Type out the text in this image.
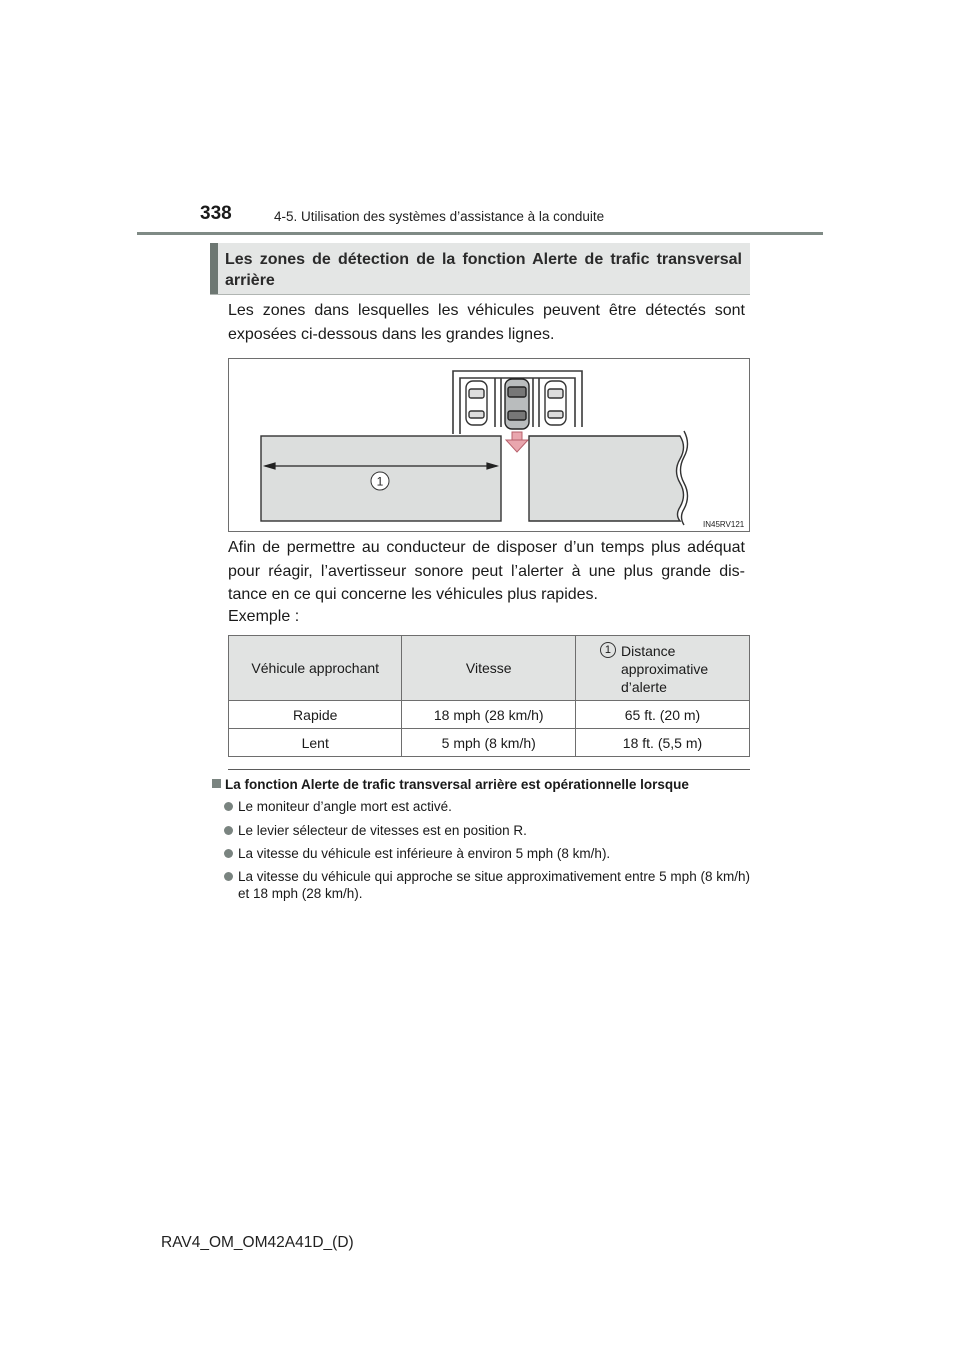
338	4-5. Utilisation des systèmes d’assistance à la conduite
Les zones de détection de la fonction Alerte de trafic transversal arrière
Les zones dans lesquelles les véhicules peuvent être détectés sont exposées ci-dessous dans les grandes lignes.
1
IN45RV121
Afin de permettre au conducteur de disposer d’un temps plus adéquat pour réagir, l’avertisseur sonore peut l’alerter à une plus grande dis-tance en ce qui concerne les véhicules plus rapides.
Exemple :
Véhicule approchant	Vitesse	1 Distance approximative d’alerte

Rapide	18 mph (28 km/h)	65 ft. (20 m)
Lent	5 mph (8 km/h)	18 ft. (5,5 m)
La fonction Alerte de trafic transversal arrière est opérationnelle lorsque
Le moniteur d’angle mort est activé.
Le levier sélecteur de vitesses est en position R.
La vitesse du véhicule est inférieure à environ 5 mph (8 km/h).
La vitesse du véhicule qui approche se situe approximativement entre 5 mph (8 km/h) et 18 mph (28 km/h).
RAV4_OM_OM42A41D_(D)
